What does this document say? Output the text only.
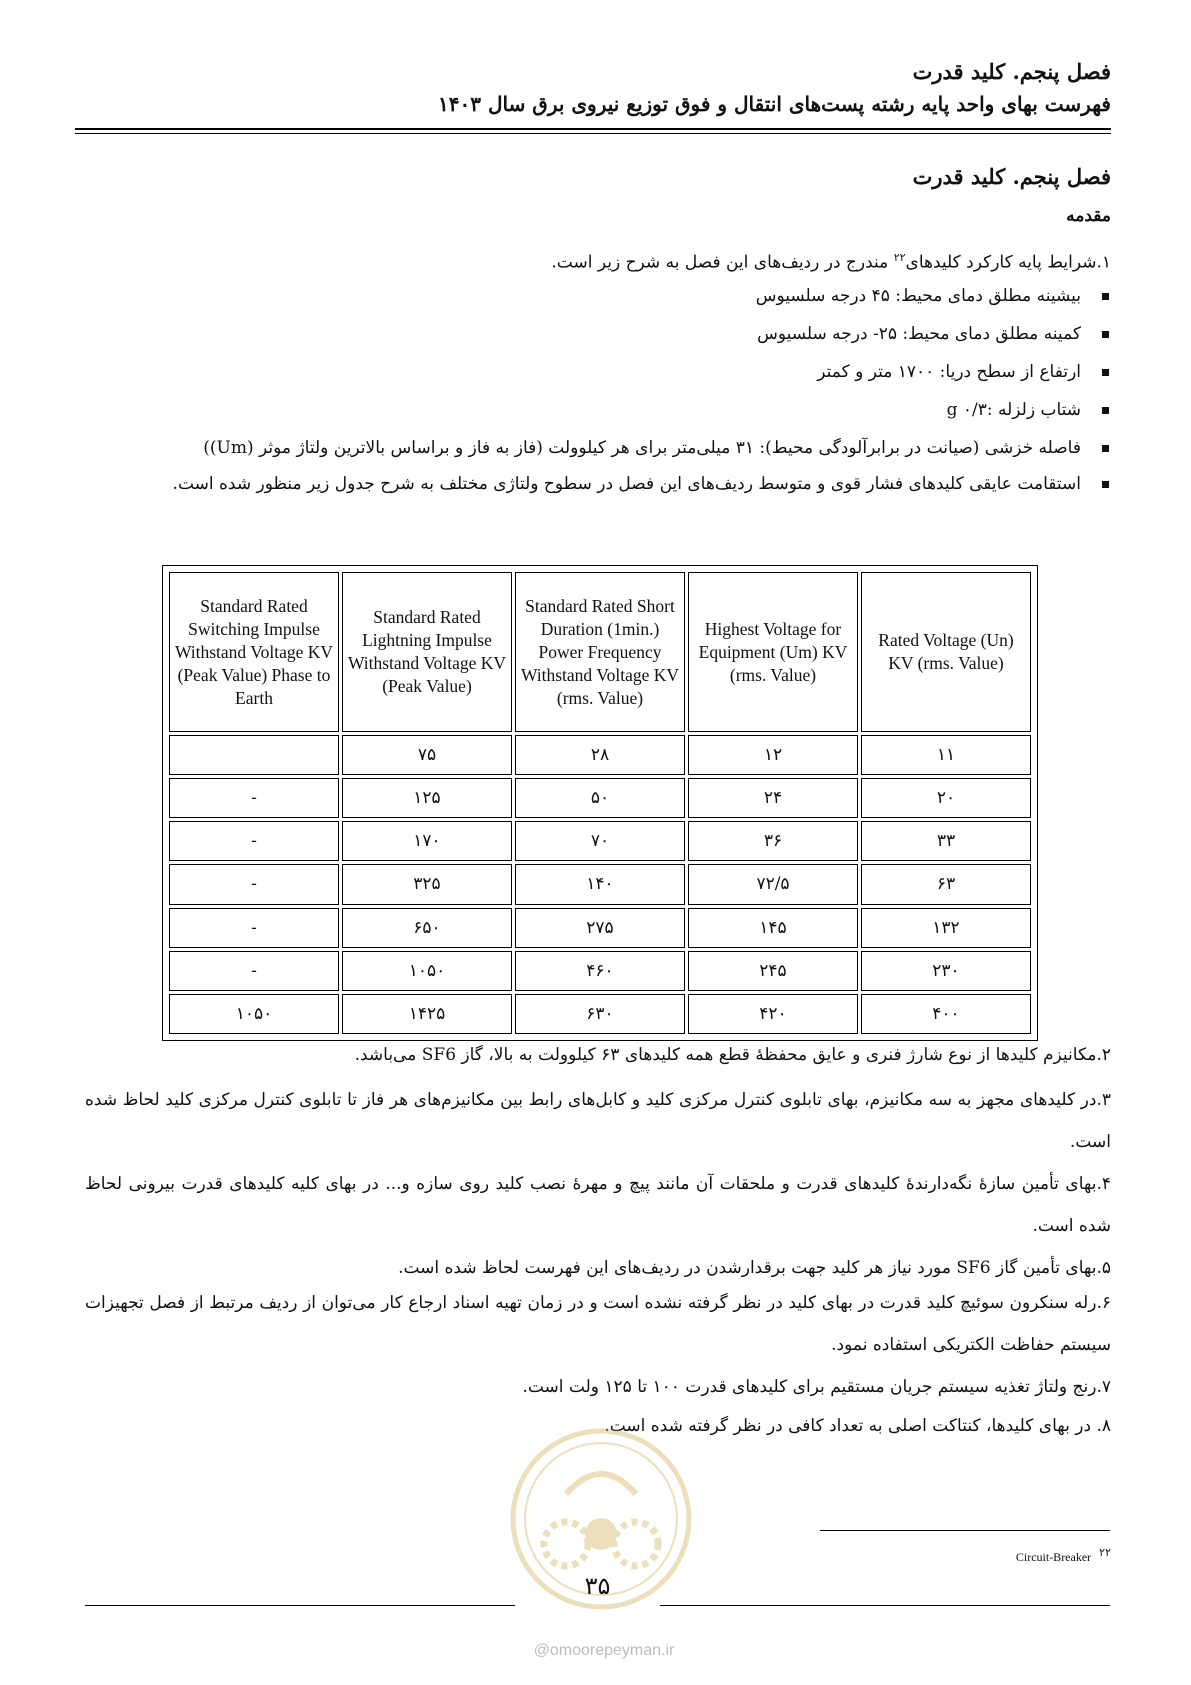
فصل پنجم. کلید قدرت
فهرست بهای واحد پایه رشته پست‌های انتقال و فوق توزیع نیروی برق سال ۱۴۰۳
فصل پنجم. کلید قدرت
مقدمه
۱.شرایط پایه کارکرد کلیدهای$^{۲۲}$ مندرج در ردیف‌های این فصل به شرح زیر است.
بیشینه مطلق دمای محیط: ۴۵ درجه سلسیوس
کمینه مطلق دمای محیط: ۲۵- درجه سلسیوس
ارتفاع از سطح دریا: ۱۷۰۰ متر و کمتر
شتاب زلزله :g ۰/۳
فاصله خزشی (صیانت در برابرآلودگی محیط): ۳۱ میلی‌متر برای هر کیلوولت (فاز به فاز و براساس بالاترین ولتاژ موثر (Um))
استقامت عایقی کلیدهای فشار قوی و متوسط ردیف‌های این فصل در سطوح ولتاژی مختلف به شرح جدول زیر منظور شده است.
Standard Rated Switching Impulse Withstand Voltage KV (Peak Value) Phase to Earth	Standard Rated Lightning Impulse Withstand Voltage KV (Peak Value)	Standard Rated Short Duration (1min.) Power Frequency Withstand Voltage KV (rms. Value)	Highest Voltage for Equipment (Um) KV (rms. Value)	Rated Voltage (Un) KV (rms. Value)
	۷۵	۲۸	۱۲	۱۱
-	۱۲۵	۵۰	۲۴	۲۰
-	۱۷۰	۷۰	۳۶	۳۳
-	۳۲۵	۱۴۰	۷۲/۵	۶۳
-	۶۵۰	۲۷۵	۱۴۵	۱۳۲
-	۱۰۵۰	۴۶۰	۲۴۵	۲۳۰
۱۰۵۰	۱۴۲۵	۶۳۰	۴۲۰	۴۰۰
۲.مکانیزم کلیدها از نوع شارژ فنری و عایق محفظهٔ قطع همه کلیدهای ۶۳ کیلوولت به بالا، گاز SF6 می‌باشد.
۳.در کلیدهای مجهز به سه مکانیزم، بهای تابلوی کنترل مرکزی کلید و کابل‌های رابط بین مکانیزم‌های هر فاز تا تابلوی کنترل مرکزی کلید لحاظ شده است.
۴.بهای تأمین سازهٔ نگه‌دارندهٔ کلیدهای قدرت و ملحقات آن مانند پیچ و مهرهٔ نصب کلید روی سازه و... در بهای کلیه کلیدهای قدرت بیرونی لحاظ شده است.
۵.بهای تأمین گاز SF6 مورد نیاز هر کلید جهت برقدارشدن در ردیف‌های این فهرست لحاظ شده است.
۶.رله سنکرون سوئیچ کلید قدرت در بهای کلید در نظر گرفته نشده است و در زمان تهیه اسناد ارجاع کار می‌توان از ردیف مرتبط از فصل تجهیزات سیستم حفاظت الکتریکی استفاده نمود.
۷.رنج ولتاژ تغذیه سیستم جریان مستقیم برای کلیدهای قدرت ۱۰۰ تا ۱۲۵ ولت است.
۸. در بهای کلیدها، کنتاکت اصلی به تعداد کافی در نظر گرفته شده است.
Circuit-Breaker ۲۲
@omoorepeyman.ir
۳۵
